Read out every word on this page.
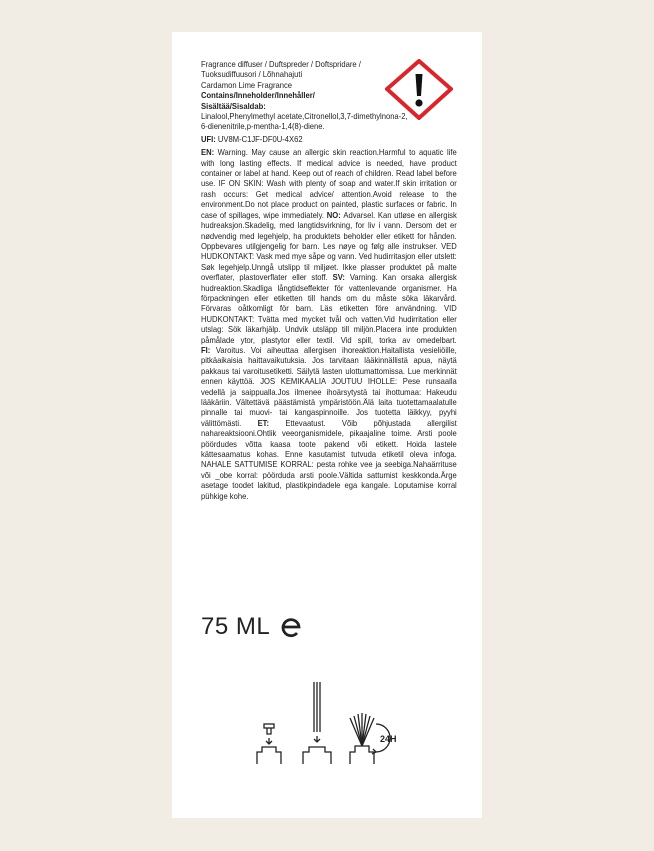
Fragrance diffuser / Duftspreder / Doftspridare /
Tuoksudiffuusori / Lõhnahajuti
Cardamon Lime Fragrance
Contains/Inneholder/Innehåller/
Sisältää/Sisaldab:
Linalool,Phenylmethyl acetate,Citronellol,3,7-dimethylnona-2,
6-dienenitrile,p-mentha-1,4(8)-diene.
UFI: UV8M-C1JF-DF0U-4X62
EN: Warning. May cause an allergic skin reaction.Harmful to aquatic life with long lasting effects. If medical advice is needed, have product container or label at hand. Keep out of reach of children. Read label before use. IF ON SKIN: Wash with plenty of soap and water.If skin irritation or rash occurs: Get medical advice/ attention.Avoid release to the environment.Do not place product on painted, plastic surfaces or fabric. In case of spillages, wipe immediately. NO: Advarsel. Kan utløse en allergisk hudreaksjon.Skadelig, med langtidsvirkning, for liv i vann. Dersom det er nødvendig med legehjelp, ha produktets beholder eller etikett for hånden. Oppbevares utilgjengelig for barn. Les nøye og følg alle instrukser. VED HUDKONTAKT: Vask med mye såpe og vann. Ved hudirritasjon eller utslett: Søk legehjelp.Unngå utslipp til miljøet. Ikke plasser produktet på malte overflater, plastoverflater eller stoff. SV: Varning. Kan orsaka allergisk hudreaktion.Skadliga långtidseffekter för vattenlevande organismer. Ha förpackningen eller etiketten till hands om du måste söka läkarvård. Förvaras oåtkomligt för barn. Läs etiketten före användning. VID HUDKONTAKT: Tvätta med mycket tvål och vatten.Vid hudirritation eller utslag: Sök läkarhjälp. Undvik utsläpp till miljön.Placera inte produkten påmålade ytor, plastytor eller textil. Vid spill, torka av omedelbart. FI: Varoitus. Voi aiheuttaa allergisen ihoreaktion.Haitallista vesieliöille, pitkäaikaisia haittavaikutuksia. Jos tarvitaan lääkinnällistä apua, näytä pakkaus tai varoitusetiketti. Säilytä lasten ulottumattomissa. Lue merkinnät ennen käyttöä. JOS KEMIKAALIA JOUTUU IHOLLE: Pese runsaalla vedellä ja saippualla.Jos ilmenee ihoärsytystä tai ihottumaa: Hakeudu lääkäriin. Vältettävä päästämistä ympäristöön.Älä laita tuotettamaalatulle pinnalle tai muovi- tai kangaspinnoille. Jos tuotetta läikkyy, pyyhi välittömästi. ET: Ettevaatust. Võib põhjustada allergilist nahareaktsiooni.Ohtlik veeorganismidele, pikaajaline toime. Arsti poole pöördudes võtta kaasa toote pakend või etikett. Hoida lastele kättesaamatus kohas. Enne kasutamist tutvuda etiketil oleva infoga. NAHALE SATTUMISE KORRAL: pesta rohke vee ja seebiga.Nahaärrituse või _obe korral: pöörduda arsti poole.Vältida sattumist keskkonda.Ärge asetage toodet lakitud, plastikpindadele ega kangale. Loputamise korral pühkige kohe.
75 ML
24H
